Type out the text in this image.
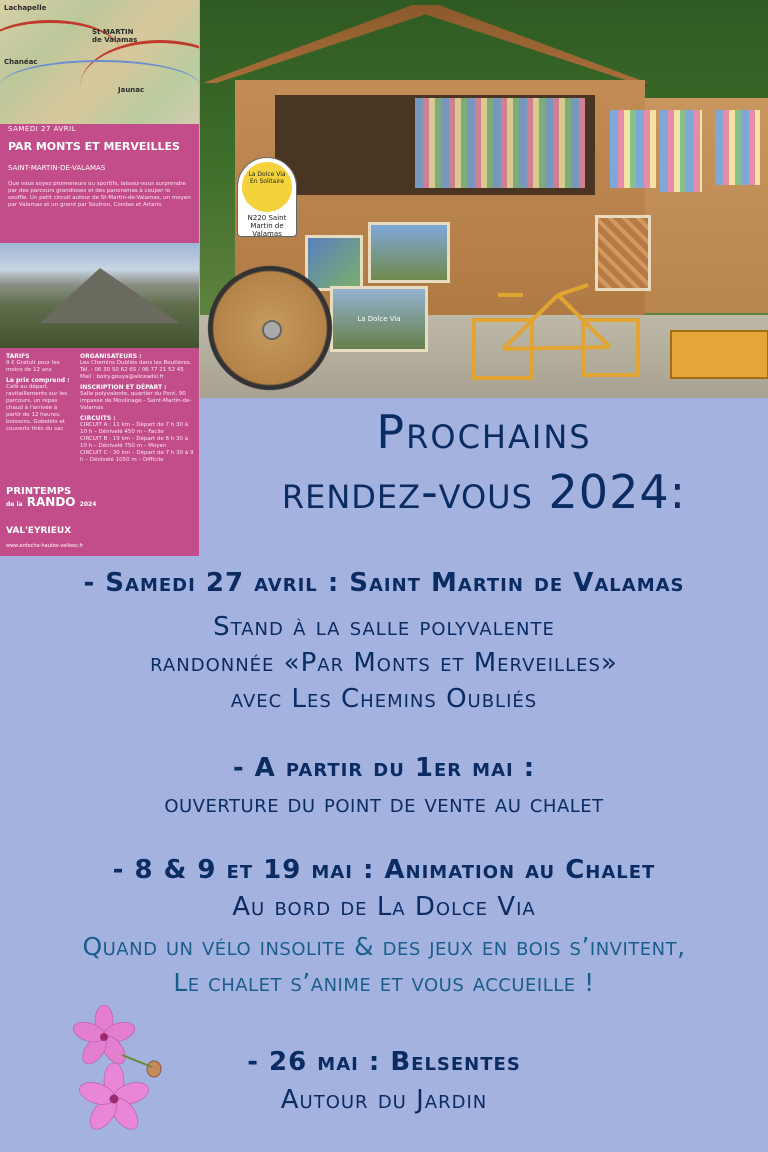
Lachapelle
St MARTIN de Valamas
Chanéac
Jaunac
SAMEDI 27 AVRIL
PAR MONTS ET MERVEILLES
SAINT-MARTIN-DE-VALAMAS
Que vous soyez promeneurs ou sportifs, laissez-vous surprendre par des parcours grandioses et des panoramas à couper le souffle. Un petit circuit autour de St-Martin-de-Valamas, un moyen par Valamas et un grand par Soutron, Condas et Artaris.
TARIFS
9 € Gratuit pour les moins de 12 ans
Le prix comprend :
Café au départ, ravitaillements sur les parcours, un repas chaud à l'arrivée à partir de 12 heures, boissons. Gobelets et couverts tirés du sac
ORGANISATEURS :
Les Chemins Oubliés dans les Boutières. Tél. : 06 30 50 62 65 / 06 77 21 52 45 Mail : boiry.gouya@aliceadsl.fr
INSCRIPTION ET DÉPART :
Salle polyvalente, quartier du Pont, 90 impasse de Moulinage - Saint-Martin-de-Valamas
CIRCUITS :
CIRCUIT A : 11 km – Départ de 7 h 30 à 10 h – Dénivelé 450 m – Facile
CIRCUIT B : 19 km – Départ de 8 h 30 à 10 h – Dénivelé 750 m – Moyen
CIRCUIT C : 30 km – Départ de 7 h 30 à 9 h – Dénivelé 1050 m – Difficile
PRINTEMPS
de la RANDO 2024
VAL'EYRIEUX
www.ardeche-hautes-vallees.fr
La Dolce Via
La Dolce Via
En Solitaire
N220 Saint Martin de Valamas
Prochains
rendez-vous 2024:
- Samedi 27 avril : Saint Martin de Valamas
Stand à la salle polyvalente
randonnée «Par Monts et Merveilles»
avec Les Chemins Oubliés
- A partir du 1er mai :
ouverture du point de vente au chalet
- 8 & 9 et 19 mai : Animation au Chalet
Au bord de La Dolce Via
Quand un vélo insolite & des jeux en bois s’invitent,
Le chalet s’anime et vous accueille !
- 26 mai : Belsentes
Autour du Jardin
